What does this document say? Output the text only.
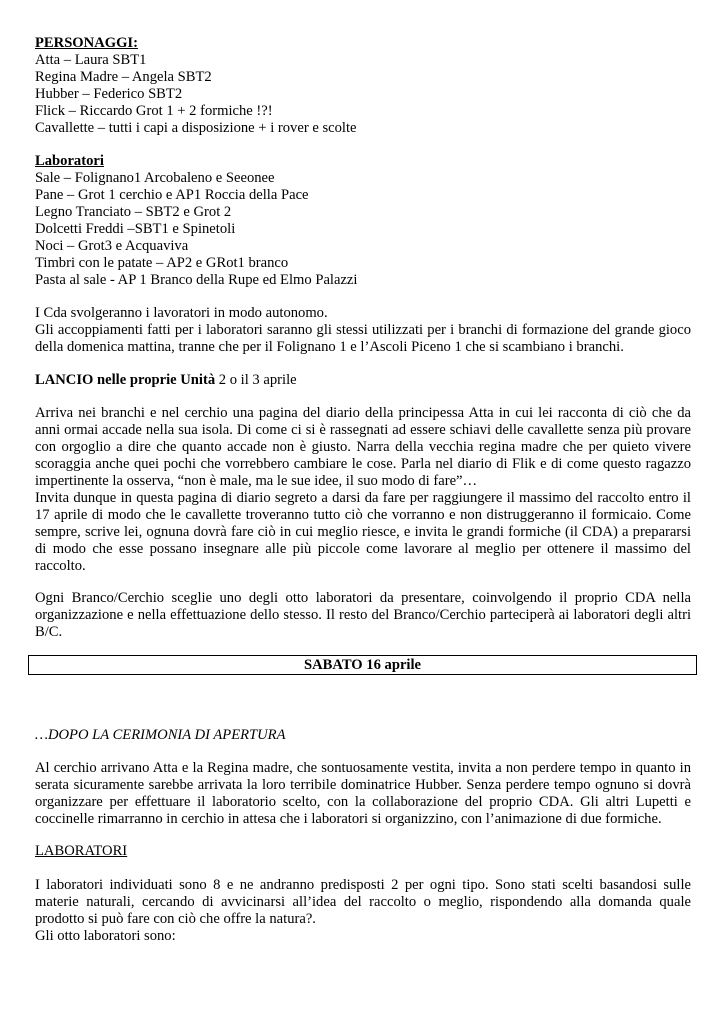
PERSONAGGI:
Atta – Laura SBT1
Regina Madre – Angela SBT2
Hubber – Federico SBT2
Flick – Riccardo Grot 1 + 2 formiche !?!
Cavallette – tutti i capi a disposizione + i rover e scolte
Laboratori
Sale – Folignano1 Arcobaleno e Seeonee
Pane – Grot 1 cerchio e AP1 Roccia della Pace
Legno Tranciato – SBT2 e Grot 2
Dolcetti Freddi –SBT1 e Spinetoli
Noci – Grot3 e Acquaviva
Timbri con le patate – AP2 e GRot1 branco
Pasta al sale - AP 1 Branco della Rupe ed Elmo Palazzi
I Cda svolgeranno i lavoratori in modo autonomo.
Gli accoppiamenti fatti per i laboratori saranno gli stessi utilizzati per i branchi di formazione del grande gioco
della domenica mattina, tranne che per il Folignano 1 e l’Ascoli Piceno 1 che si scambiano i branchi.
LANCIO nelle proprie Unità 2 o il 3 aprile
Arriva nei branchi e nel cerchio una pagina del diario della principessa Atta in cui lei racconta di ciò che da
anni ormai accade nella sua isola. Di come ci si è rassegnati ad essere schiavi delle cavallette senza più provare
con orgoglio a dire che quanto accade non è giusto. Narra della vecchia regina madre che per quieto vivere
scoraggia anche quei pochi che vorrebbero cambiare le cose. Parla nel diario di Flik e di come questo ragazzo
impertinente la osserva, “non è male, ma le sue idee, il suo modo di fare”…
Invita dunque in questa pagina di diario segreto a darsi da fare per raggiungere il massimo del raccolto entro il
17 aprile di modo che le cavallette troveranno tutto ciò che vorranno e non distruggeranno il formicaio. Come
sempre, scrive lei, ognuna dovrà fare ciò in cui meglio riesce, e invita le grandi formiche (il CDA) a prepararsi
di modo che esse possano insegnare alle più piccole come lavorare al meglio per ottenere il massimo del
raccolto.
Ogni Branco/Cerchio sceglie uno degli otto laboratori da presentare, coinvolgendo il proprio CDA nella
organizzazione e nella effettuazione dello stesso. Il resto del Branco/Cerchio parteciperà ai laboratori degli altri
B/C.
SABATO 16 aprile
…DOPO LA CERIMONIA DI APERTURA
Al cerchio arrivano Atta e la Regina madre, che sontuosamente vestita, invita a non perdere tempo in quanto in
serata sicuramente sarebbe arrivata la loro terribile dominatrice Hubber. Senza perdere tempo ognuno si dovrà
organizzare per effettuare il laboratorio scelto, con la collaborazione del proprio CDA. Gli altri Lupetti e
coccinelle rimarranno in cerchio in attesa che i laboratori si organizzino, con l’animazione di due formiche.
LABORATORI
I laboratori individuati sono 8 e ne andranno predisposti 2 per ogni tipo. Sono stati scelti basandosi sulle
materie naturali, cercando di avvicinarsi all’idea del raccolto o meglio, rispondendo alla domanda quale
prodotto si può fare con ciò che offre la natura?.
Gli otto laboratori sono:
